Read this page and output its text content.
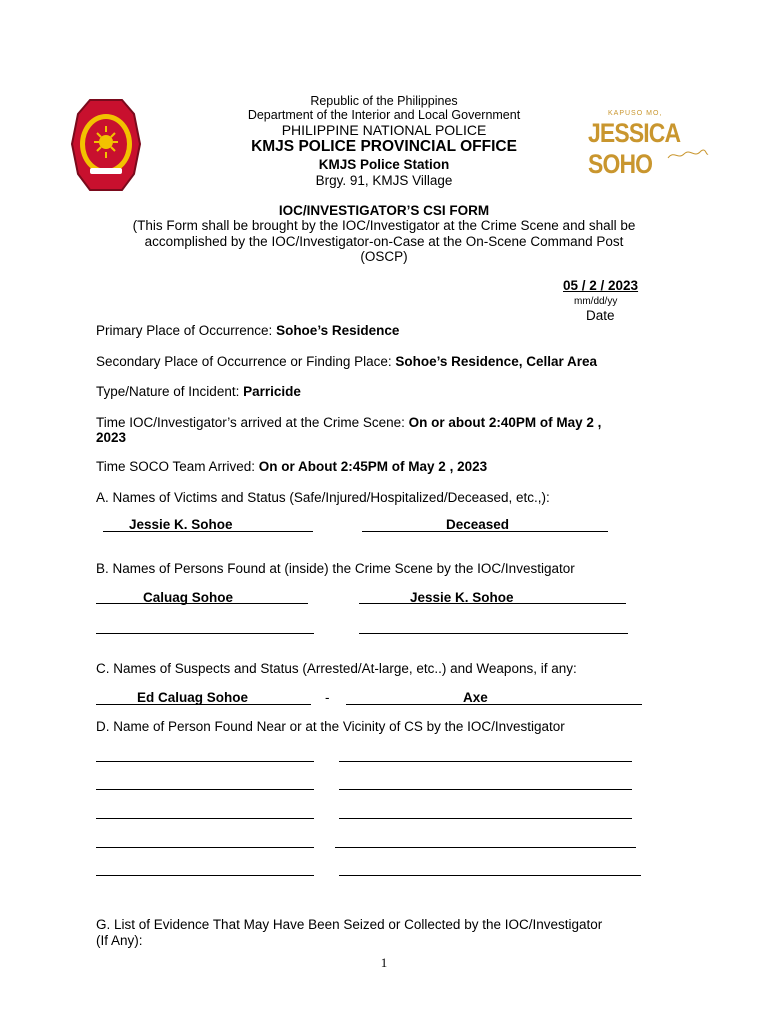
KAPUSO MO,
JESSICA SOHO
Republic of the Philippines
Department of the Interior and Local Government
PHILIPPINE NATIONAL POLICE
KMJS POLICE PROVINCIAL OFFICE
KMJS Police Station
Brgy. 91, KMJS Village
IOC/INVESTIGATOR’S CSI FORM
(This Form shall be brought by the IOC/Investigator at the Crime Scene and shall be
accomplished by the IOC/Investigator-on-Case at the On-Scene Command Post
(OSCP)
05 / 2 / 2023
mm/dd/yy
Date
Primary Place of Occurrence: Sohoe’s Residence
Secondary Place of Occurrence or Finding Place: Sohoe’s Residence, Cellar Area
Type/Nature of Incident: Parricide
Time IOC/Investigator’s arrived at the Crime Scene: On or about 2:40PM of May 2 ,
2023
Time SOCO Team Arrived: On or About 2:45PM of May 2 , 2023
A. Names of Victims and Status (Safe/Injured/Hospitalized/Deceased, etc.,):
Jessie K. Sohoe	Deceased
B. Names of Persons Found at (inside) the Crime Scene by the IOC/Investigator
Caluag Sohoe	Jessie K. Sohoe
C. Names of Suspects and Status (Arrested/At-large, etc..) and Weapons, if any:
Ed Caluag Sohoe	-	Axe
D. Name of Person Found Near or at the Vicinity of CS by the IOC/Investigator
G. List of Evidence That May Have Been Seized or Collected by the IOC/Investigator
(If Any):
1
